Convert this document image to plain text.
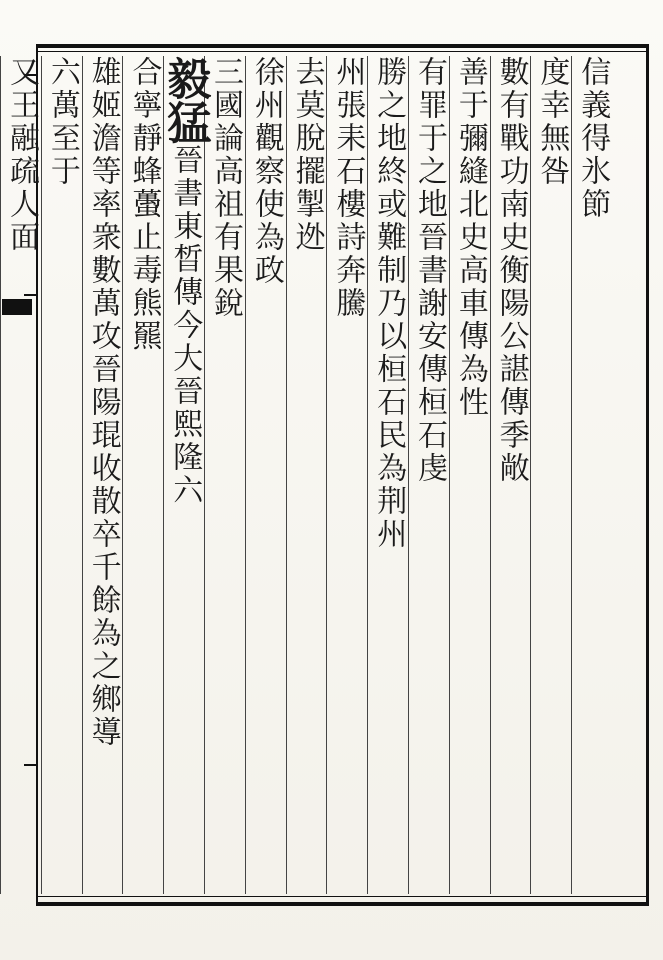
信義得氷節
度幸無咎
數有戰功南史衡陽公諶傳季敞
善于彌縫北史高車傳為性
有罪于之地晉書謝安傳桓石虔
勝之地終或難制乃以桓石民為荆州
州張耒石樓詩奔騰
去莫脫擺掣迯
徐州觀察使為政
三國論高祖有果銳
毅猛晉書東晳傳今大晉熙隆六
合寧靜蜂蠆止毒熊羆
雄姬澹等率衆數萬攻晉陽琨收散卒千餘為之鄉導
六萬至于
又王融疏人面
